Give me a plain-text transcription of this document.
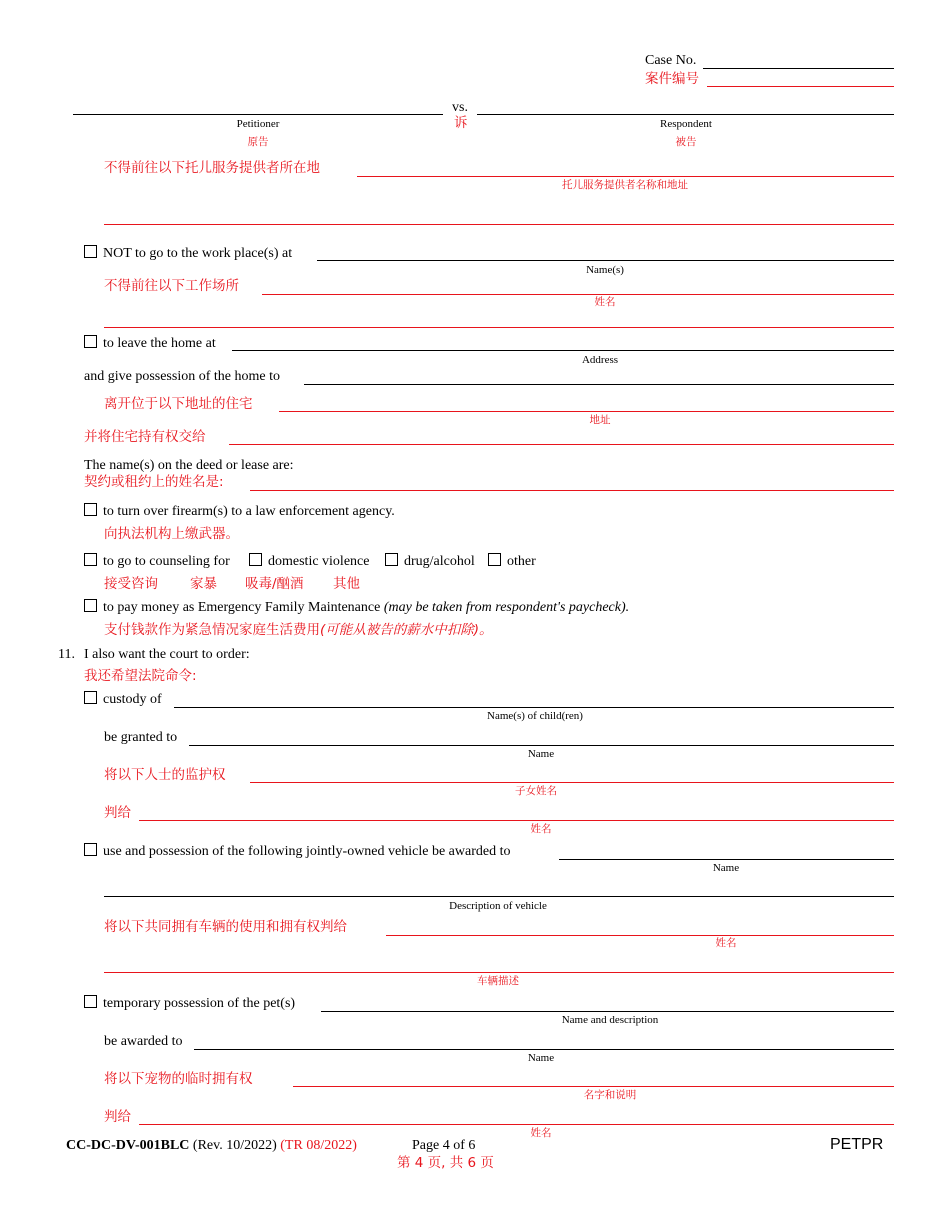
Case No.
案件编号
vs.
诉
Petitioner
原告
Respondent
被告
不得前往以下托儿服务提供者所在地
托儿服务提供者名称和地址
NOT to go to the work place(s) at
Name(s)
不得前往以下工作场所
姓名
to leave the home at
Address
and give possession of the home to
离开位于以下地址的住宅
地址
并将住宅持有权交给
The name(s) on the deed or lease are:
契约或租约上的姓名是:
to turn over firearm(s) to a law enforcement agency.
向执法机构上缴武器。
to go to counseling for	domestic violence drug/alcohol other
接受咨询 家暴 吸毒/酗酒 其他
to pay money as Emergency Family Maintenance (may be taken from respondent's paycheck).
支付钱款作为紧急情况家庭生活费用(可能从被告的薪水中扣除)。
11. I also want the court to order:
我还希望法院命令:
custody of
Name(s) of child(ren)
be granted to
Name
将以下人士的监护权
子女姓名
判给
姓名
use and possession of the following jointly-owned vehicle be awarded to
Name
Description of vehicle
将以下共同拥有车辆的使用和拥有权判给
姓名
车辆描述
temporary possession of the pet(s)
Name and description
be awarded to
Name
将以下宠物的临时拥有权
名字和说明
判给
姓名
CC-DC-DV-001BLC (Rev. 10/2022) (TR 08/2022)	Page 4 of 6
第 4 页, 共 6 页
PETPR
